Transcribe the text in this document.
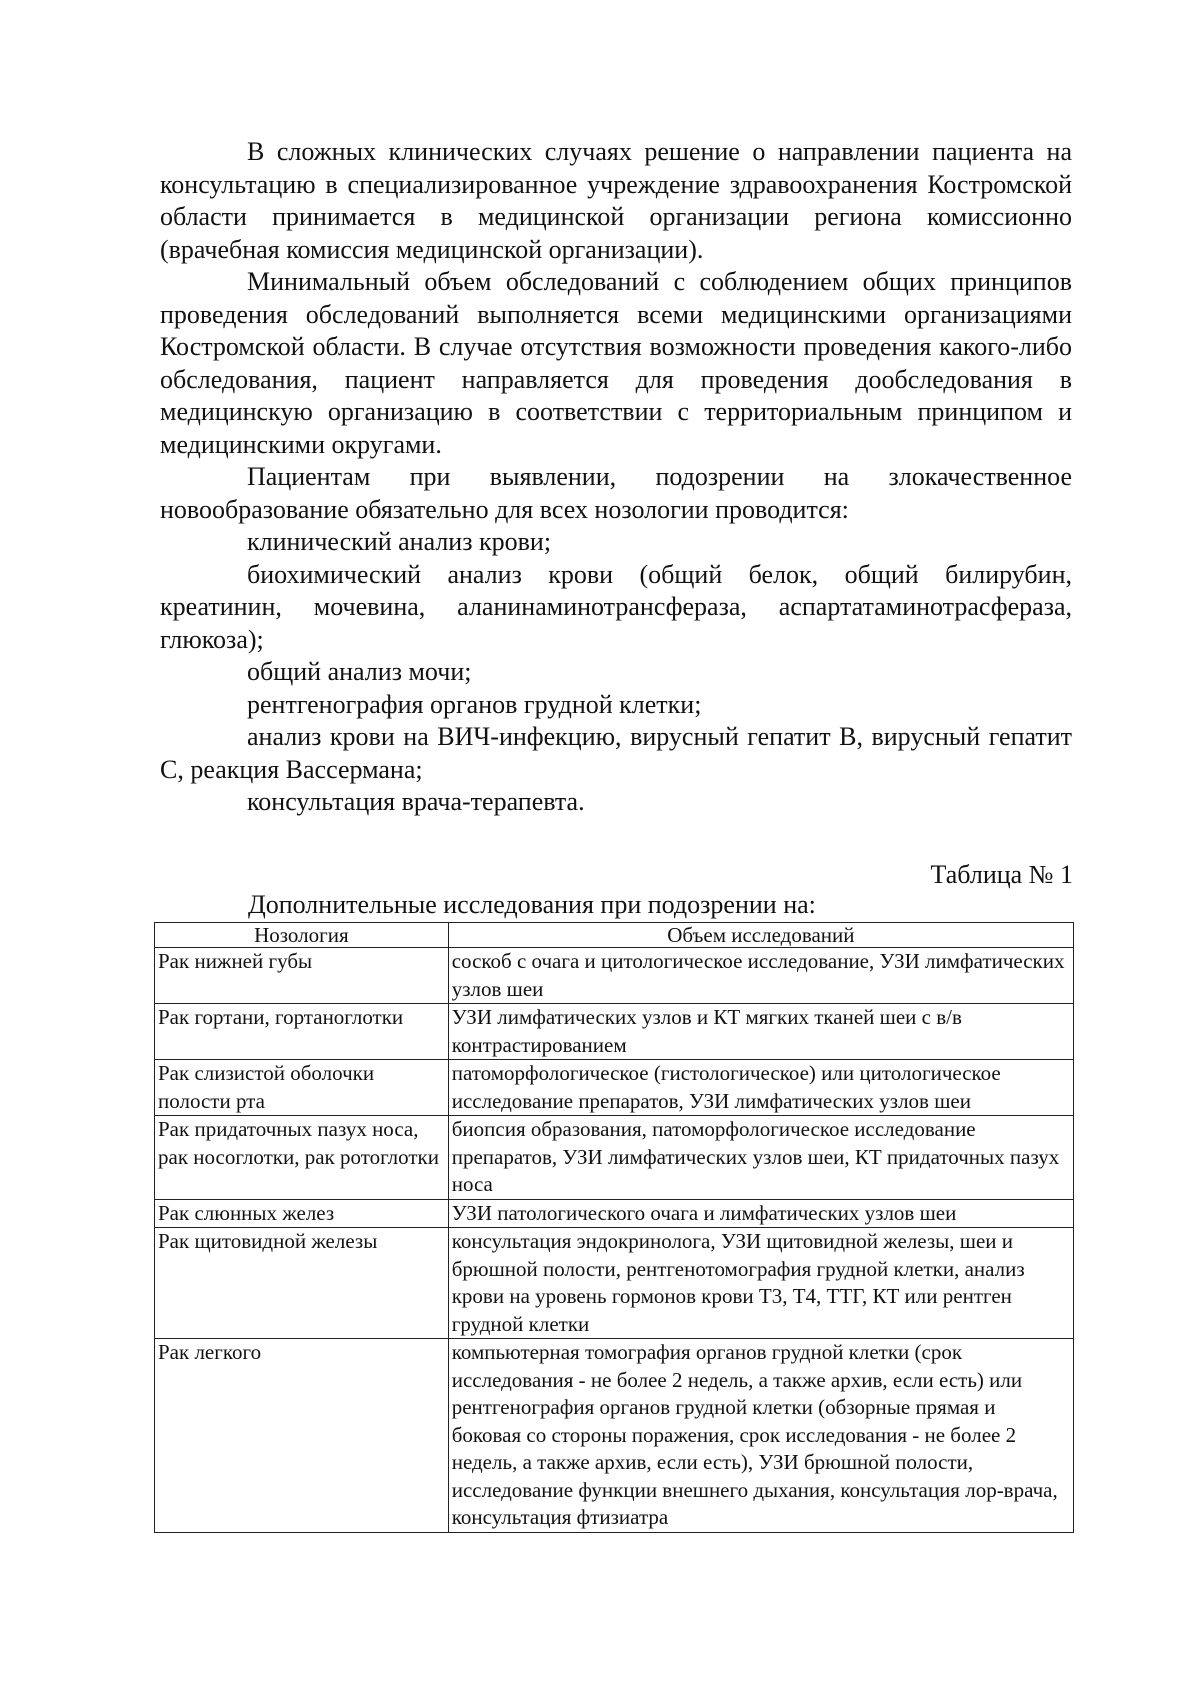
В сложных клинических случаях решение о направлении пациента на консультацию в специализированное учреждение здравоохранения Костромской области принимается в медицинской организации региона комиссионно (врачебная комиссия медицинской организации).

Минимальный объем обследований с соблюдением общих принципов проведения обследований выполняется всеми медицинскими организациями Костромской области. В случае отсутствия возможности проведения какого-либо обследования, пациент направляется для проведения дообследования в медицинскую организацию в соответствии с территориальным принципом и медицинскими округами.

Пациентам при выявлении, подозрении на злокачественное новообразование обязательно для всех нозологии проводится:

клинический анализ крови;

биохимический анализ крови (общий белок, общий билирубин, креатинин, мочевина, аланинаминотрансфераза, аспартатаминотрасфераза, глюкоза);

общий анализ мочи;

рентгенография органов грудной клетки;

анализ крови на ВИЧ-инфекцию, вирусный гепатит В, вирусный гепатит С, реакция Вассермана;

консультация врача-терапевта.

Таблица № 1
Дополнительные исследования при подозрении на:
Нозология	Объем исследований
Рак нижней губы	соскоб с очага и цитологическое исследование, УЗИ лимфатических узлов шеи
Рак гортани, гортаноглотки	УЗИ лимфатических узлов и КТ мягких тканей шеи с в/в контрастированием
Рак слизистой оболочки полости рта	патоморфологическое (гистологическое) или цитологическое исследование препаратов, УЗИ лимфатических узлов шеи
Рак придаточных пазух носа, рак носоглотки, рак ротоглотки	биопсия образования, патоморфологическое исследование препаратов, УЗИ лимфатических узлов шеи, КТ придаточных пазух носа
Рак слюнных желез	УЗИ патологического очага и лимфатических узлов шеи
Рак щитовидной железы	консультация эндокринолога, УЗИ щитовидной железы, шеи и брюшной полости, рентгенотомография грудной клетки, анализ крови на уровень гормонов крови Т3, Т4, ТТГ, КТ или рентген грудной клетки
Рак легкого	компьютерная томография органов грудной клетки (срок исследования - не более 2 недель, а также архив, если есть) или рентгенография органов грудной клетки (обзорные прямая и боковая со стороны поражения, срок исследования - не более 2 недель, а также архив, если есть), УЗИ брюшной полости, исследование функции внешнего дыхания, консультация лор-врача, консультация фтизиатра
